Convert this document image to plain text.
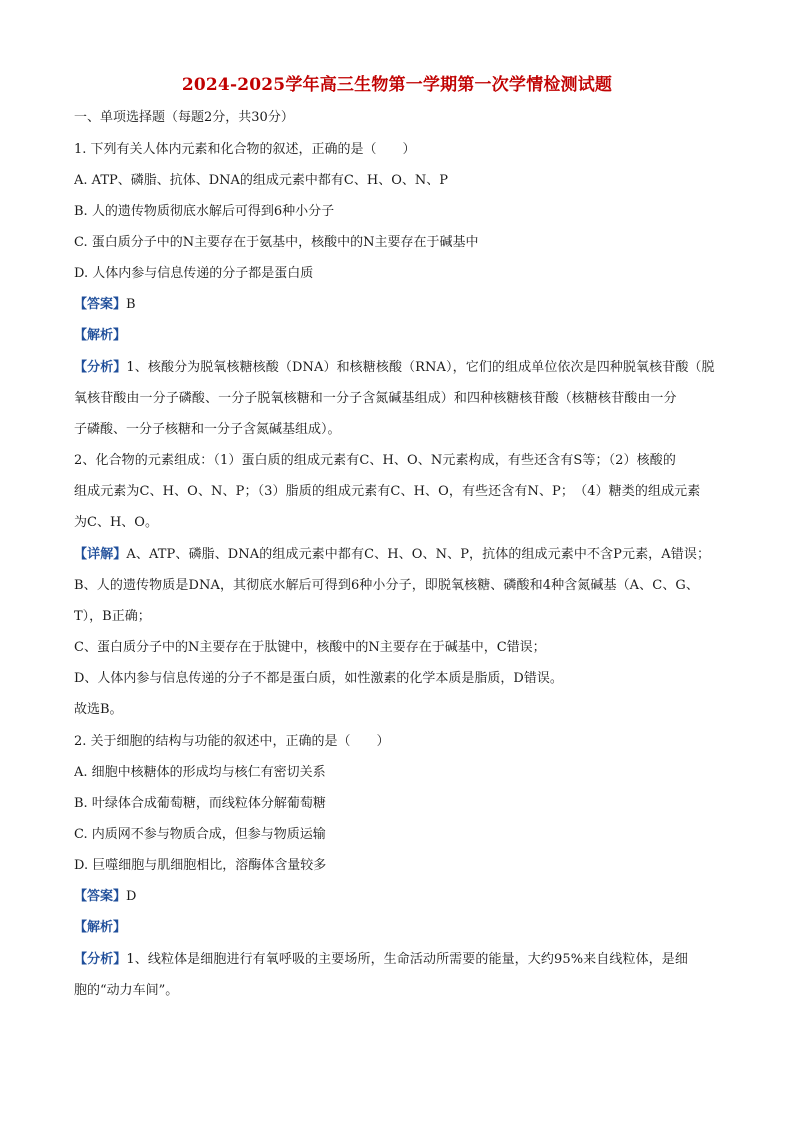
2024-2025学年高三生物第一学期第一次学情检测试题
一、单项选择题（每题2分，共30分）
1. 下列有关人体内元素和化合物的叙述，正确的是（　　）
A. ATP、磷脂、抗体、DNA的组成元素中都有C、H、O、N、P
B. 人的遗传物质彻底水解后可得到6种小分子
C. 蛋白质分子中的N主要存在于氨基中，核酸中的N主要存在于碱基中
D. 人体内参与信息传递的分子都是蛋白质
【答案】B
【解析】
【分析】1、核酸分为脱氧核糖核酸（DNA）和核糖核酸（RNA），它们的组成单位依次是四种脱氧核苷酸（脱
氧核苷酸由一分子磷酸、一分子脱氧核糖和一分子含氮碱基组成）和四种核糖核苷酸（核糖核苷酸由一分
子磷酸、一分子核糖和一分子含氮碱基组成）。
2、化合物的元素组成：（1）蛋白质的组成元素有C、H、O、N元素构成，有些还含有S等；（2）核酸的
组成元素为C、H、O、N、P；（3）脂质的组成元素有C、H、O，有些还含有N、P；　（4）糖类的组成元素
为C、H、O。
【详解】A、ATP、磷脂、DNA的组成元素中都有C、H、O、N、P，抗体的组成元素中不含P元素，A错误；
B、人的遗传物质是DNA，其彻底水解后可得到6种小分子，即脱氧核糖、磷酸和4种含氮碱基（A、C、G、
T），B正确；
C、蛋白质分子中的N主要存在于肽键中，核酸中的N主要存在于碱基中，C错误；
D、人体内参与信息传递的分子不都是蛋白质，如性激素的化学本质是脂质，D错误。
故选B。
2. 关于细胞的结构与功能的叙述中，正确的是（　　）
A. 细胞中核糖体的形成均与核仁有密切关系
B. 叶绿体合成葡萄糖，而线粒体分解葡萄糖
C. 内质网不参与物质合成，但参与物质运输
D. 巨噬细胞与肌细胞相比，溶酶体含量较多
【答案】D
【解析】
【分析】1、线粒体是细胞进行有氧呼吸的主要场所，生命活动所需要的能量，大约95%来自线粒体，是细
胞的“动力车间”。
